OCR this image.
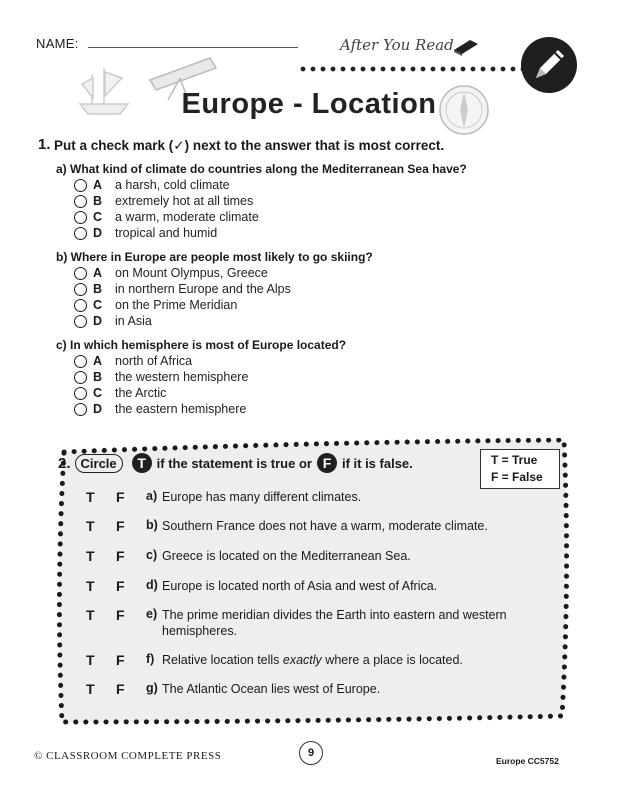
NAME:	After You Read
Europe - Location
1. Put a check mark (✓) next to the answer that is most correct.
a) What kind of climate do countries along the Mediterranean Sea have?
A	a harsh, cold climate
B	extremely hot at all times
C	a warm, moderate climate
D	tropical and humid
b) Where in Europe are people most likely to go skiing?
A	on Mount Olympus, Greece
B	in northern Europe and the Alps
C	on the Prime Meridian
D	in Asia
c) In which hemisphere is most of Europe located?
A	north of Africa
B	the western hemisphere
C	the Arctic
D	the eastern hemisphere
2. Circle	T if the statement is true or F if it is false.	T = True
F = False
T	F	a) Europe has many different climates.
T	F	b) Southern France does not have a warm, moderate climate.
T	F	c) Greece is located on the Mediterranean Sea.
T	F	d) Europe is located north of Asia and west of Africa.
T	F	e) The prime meridian divides the Earth into eastern and western hemispheres.
T	F	f) Relative location tells exactly where a place is located.
T	F	g) The Atlantic Ocean lies west of Europe.
© CLASSROOM COMPLETE PRESS	9
Europe CC5752
